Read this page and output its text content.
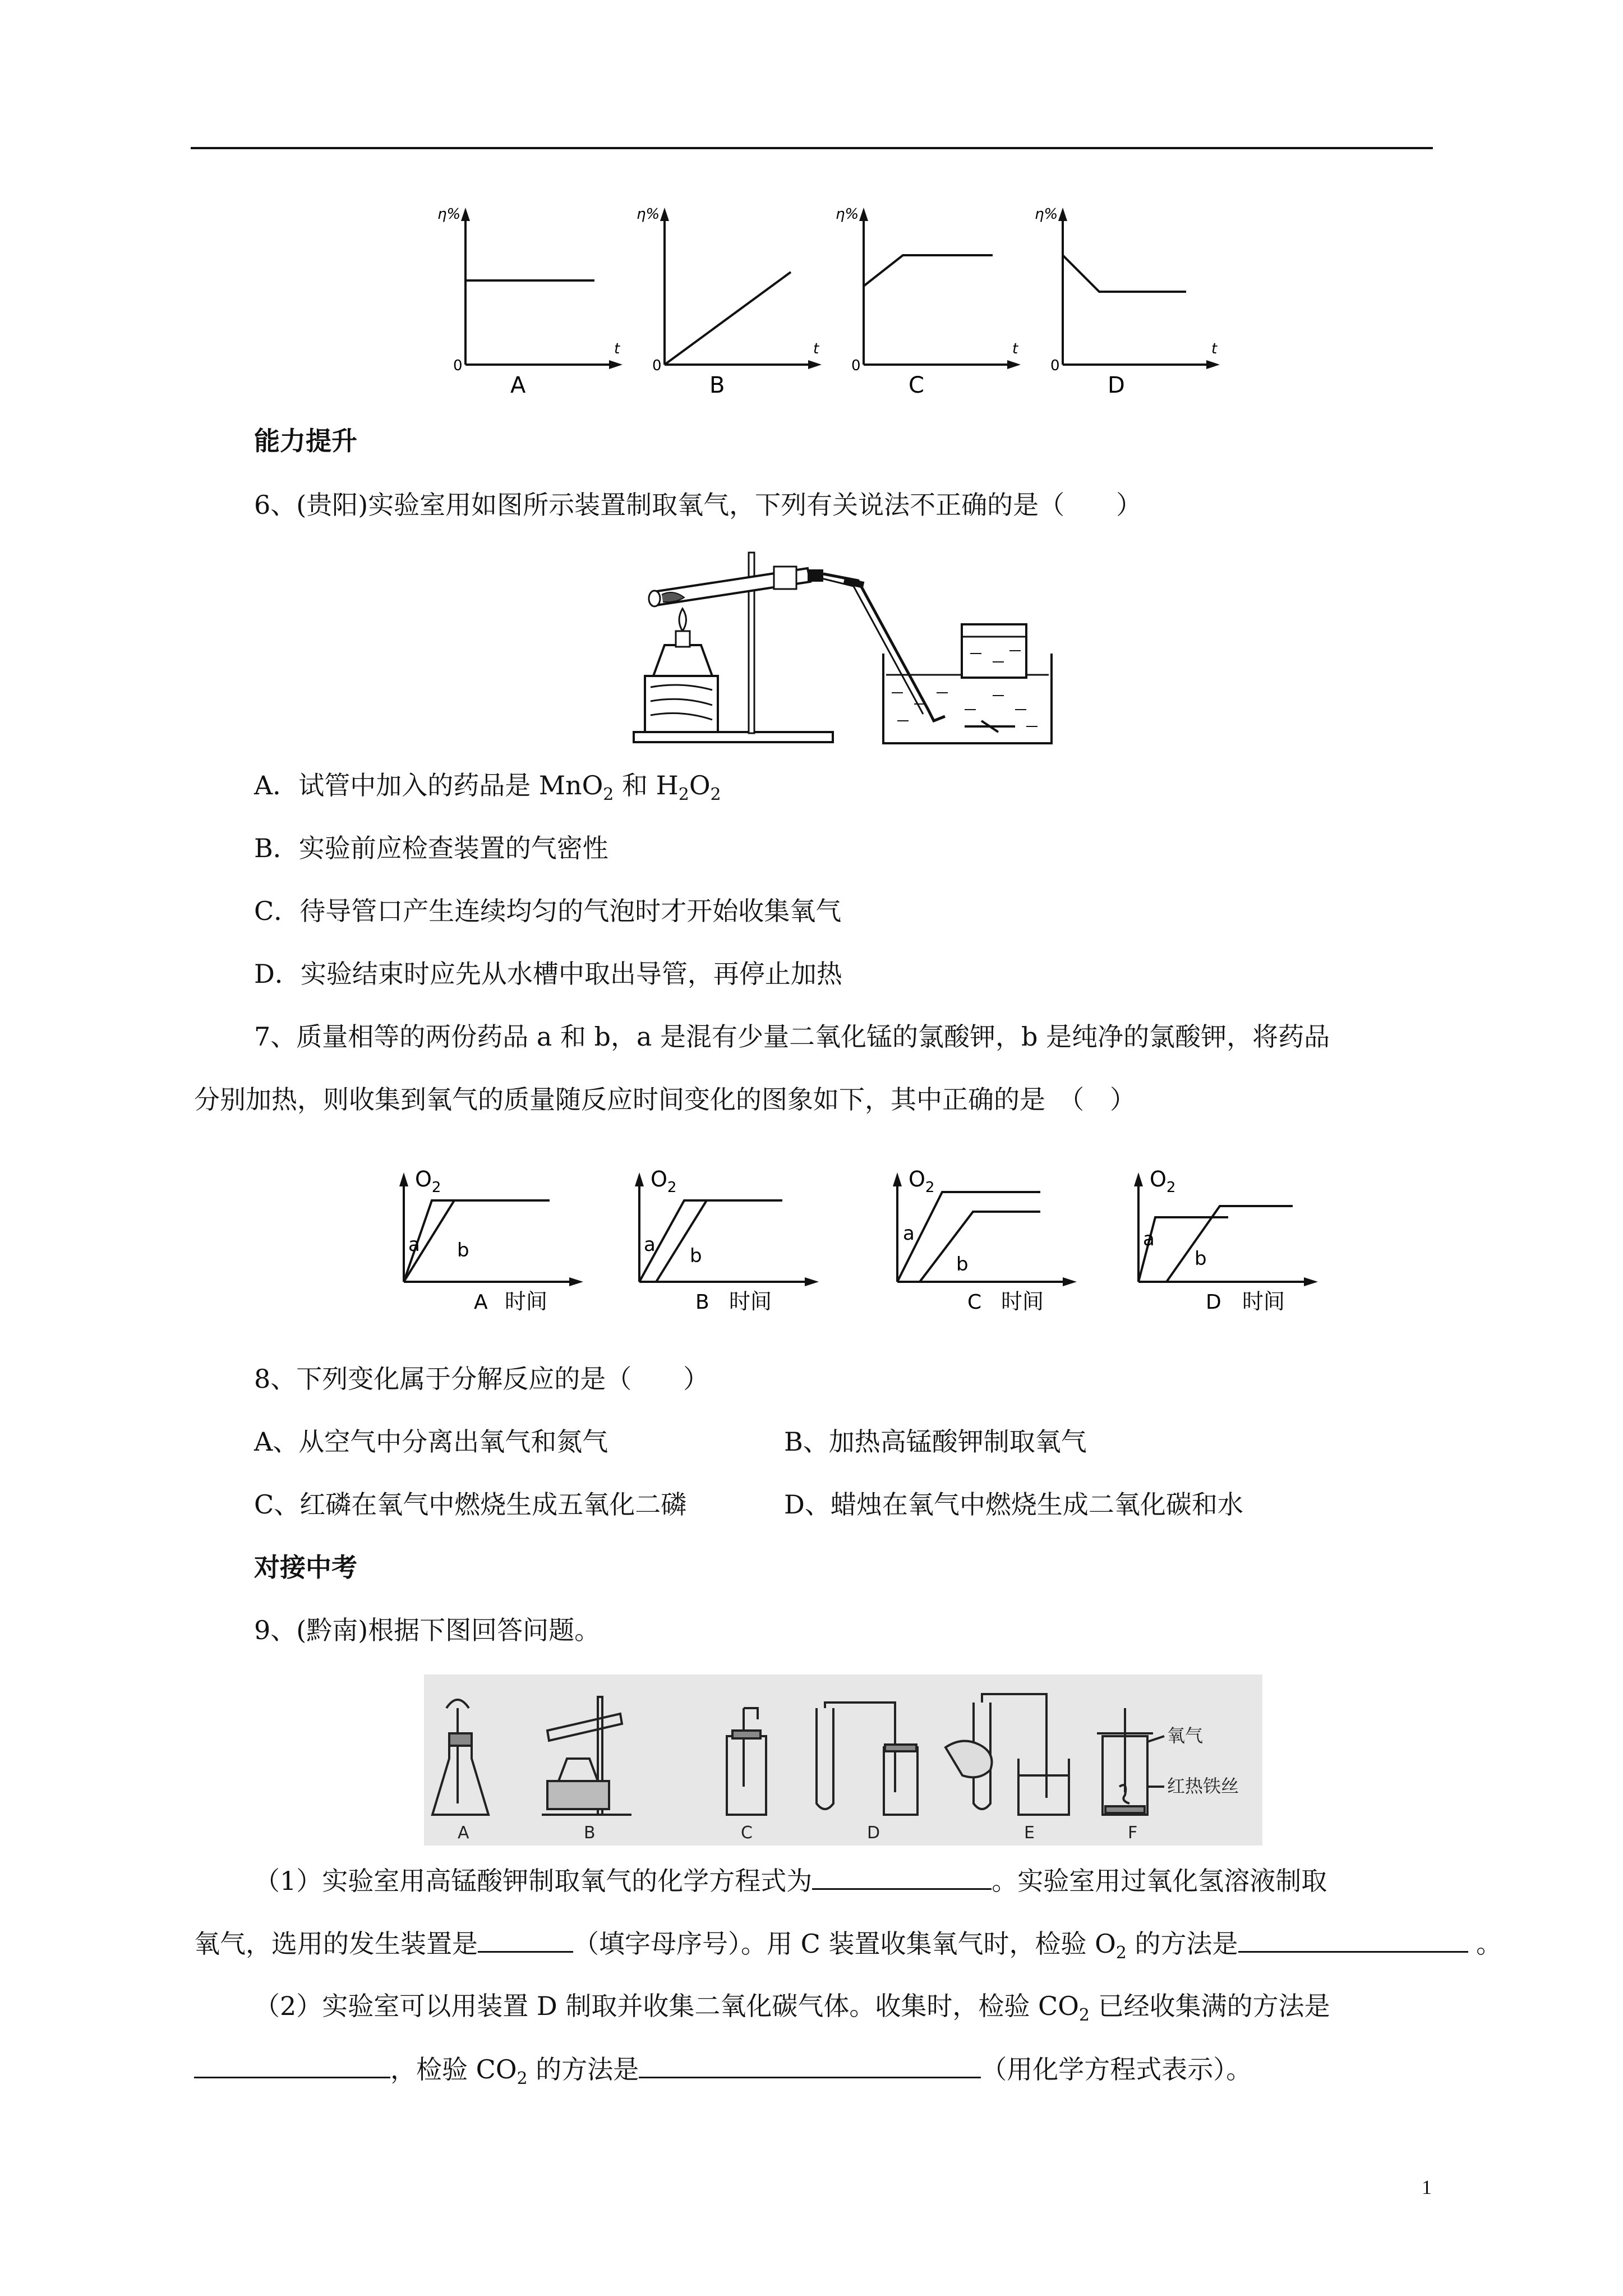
η%
t
0
A
η%
t
0
B
η%
t
0
C
η%
t
0
D
能力提升
6、(贵阳)实验室用如图所示装置制取氧气，下列有关说法不正确的是（　　）
A．试管中加入的药品是 MnO$_2$ 和 $H_2O_2$
B．实验前应检查装置的气密性
C．待导管口产生连续均匀的气泡时才开始收集氧气
D．实验结束时应先从水槽中取出导管，再停止加热
7、质量相等的两份药品 a 和 b，a 是混有少量二氧化锰的氯酸钾，b 是纯净的氯酸钾，将药品
分别加热，则收集到氧气的质量随反应时间变化的图象如下，其中正确的是　（　）
$O_2$
a b
A 时间
$O_2$
a b
B 时间
$O_2$
a
b
C 时间
$O_2$
a
b
D 时间
8、下列变化属于分解反应的是（　　）
A、从空气中分离出氧气和氮气	B、加热高锰酸钾制取氧气
C、红磷在氧气中燃烧生成五氧化二磷	D、蜡烛在氧气中燃烧生成二氧化碳和水
对接中考
9、(黔南)根据下图回答问题。
氧气
红热铁丝
A	B	C	D	E	F
（1）实验室用高锰酸钾制取氧气的化学方程式为	。实验室用过氧化氢溶液制取
氧气，选用的发生装置是	（填字母序号）。用 C 装置收集氧气时，检验 $O_2$ 的方法是	。
（2）实验室可以用装置 D 制取并收集二氧化碳气体。收集时，检验 $CO_2$ 已经收集满的方法是
，检验 $CO_2$ 的方法是	（用化学方程式表示）。
1
